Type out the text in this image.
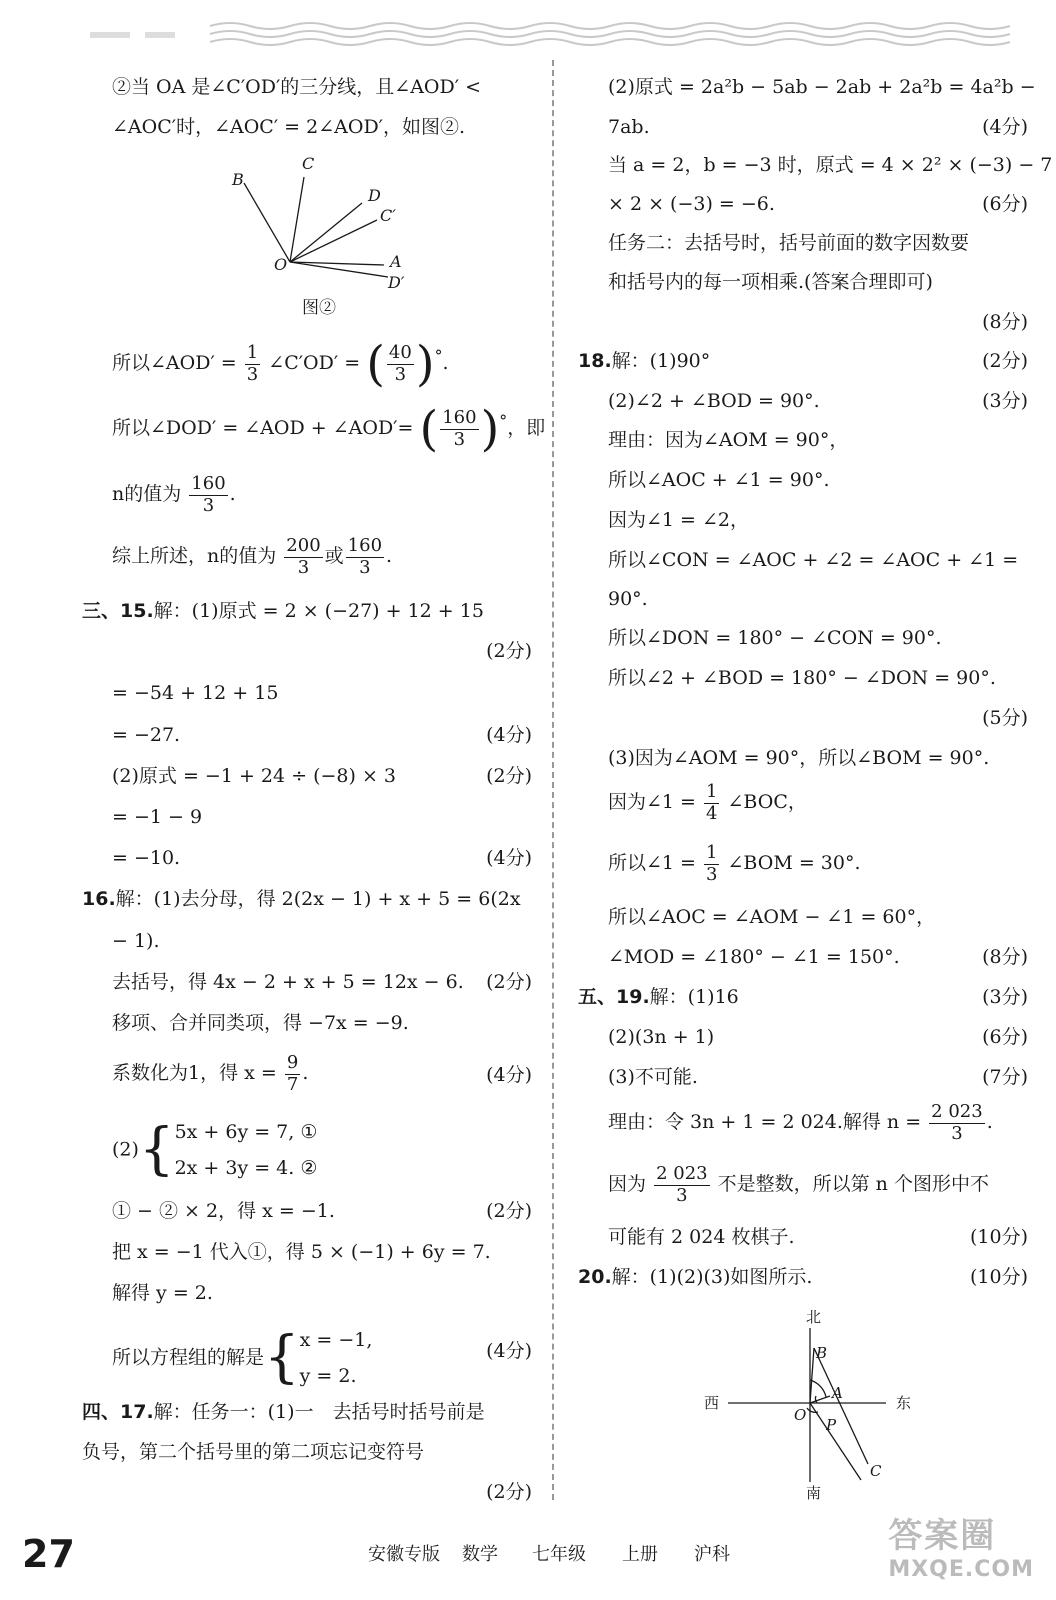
②当 OA 是∠C′OD′的三分线，且∠AOD′ <
∠AOC′时，∠AOC′ = 2∠AOD′，如图②.
B
C
D
C′
O	A
D′
图②
所以∠AOD′ = $\frac{1}{3}$ ∠C′OD′ = ( $\frac{40}{3} )^\circ$.
所以∠DOD′ = ∠AOD + ∠AOD′= ( $\frac{160}{3} )^\circ$，即
n的值为 $\frac{160}{3}$ .
综上所述，n的值为 $\frac{200}{3}$ 或 $\frac{160}{3}$ .
三、15.解：(1)原式 = 2 × (−27) + 12 + 15
(2分)
= −54 + 12 + 15
= −27.	(4分)
(2)原式 = −1 + 24 ÷ (−8) × 3	(2分)
= −1 − 9
= −10.	(4分)
16.解：(1)去分母，得 2(2x − 1) + x + 5 = 6(2x
− 1).
去括号，得 4x − 2 + x + 5 = 12x − 6. (2分)
移项、合并同类项，得 −7x = −9.
系数化为1，得 $x = \frac{9}{7}$ .	(4分)
(2){ 5x + 6y = 7, ①
2x + 3y = 4. ②
① − ② × 2，得 x = −1.	(2分)
把 x = −1 代入①，得 5 × (−1) + 6y = 7.
解得 y = 2.
所以方程组的解是{ x = −1,
y = 2.
(4分)
四、17.解：任务一：(1)一　去括号时括号前是
负号，第二个括号里的第二项忘记变符号
(2分)
(2)原式 = 2a²b − 5ab − 2ab + 2a²b = 4a²b −
7ab.	(4分)
当 a = 2，b = −3 时，原式 = 4 × 2² × (−3) − 7
× 2 × (−3) = −6.	(6分)
任务二：去括号时，括号前面的数字因数要
和括号内的每一项相乘.(答案合理即可)
(8分)
18.解：(1)90°	(2分)
(2)∠2 + ∠BOD = 90°.	(3分)
理由：因为∠AOM = 90°，
所以∠AOC + ∠1 = 90°.
因为∠1 = ∠2，
所以∠CON = ∠AOC + ∠2 = ∠AOC + ∠1 =
90°.
所以∠DON = 180° − ∠CON = 90°.
所以∠2 + ∠BOD = 180° − ∠DON = 90°.
(5分)
(3)因为∠AOM = 90°，所以∠BOM = 90°.
因为∠1 = $\frac{1}{4}$ ∠BOC，
所以∠1 = $\frac{1}{3}$ ∠BOM = 30°.
所以∠AOC = ∠AOM − ∠1 = 60°，
∠MOD = ∠180° − ∠1 = 150°.	(8分)
五、19.解：(1)16	(3分)
(2)(3n + 1)	(6分)
(3)不可能.	(7分)
理由：令 3n + 1 = 2 024.解得 $n = \frac{2 023}{3}$ .
因为 $\frac{2 023}{3}$ 不是整数，所以第 n 个图形中不
可能有 2 024 枚棋子.	(10分)
20.解：(1)(2)(3)如图所示.	(10分)
北
南
西	东
B
A
O
P
C
27	安徽专版 数学 七年级 上册 沪科	答案圈
MXQE.COM
